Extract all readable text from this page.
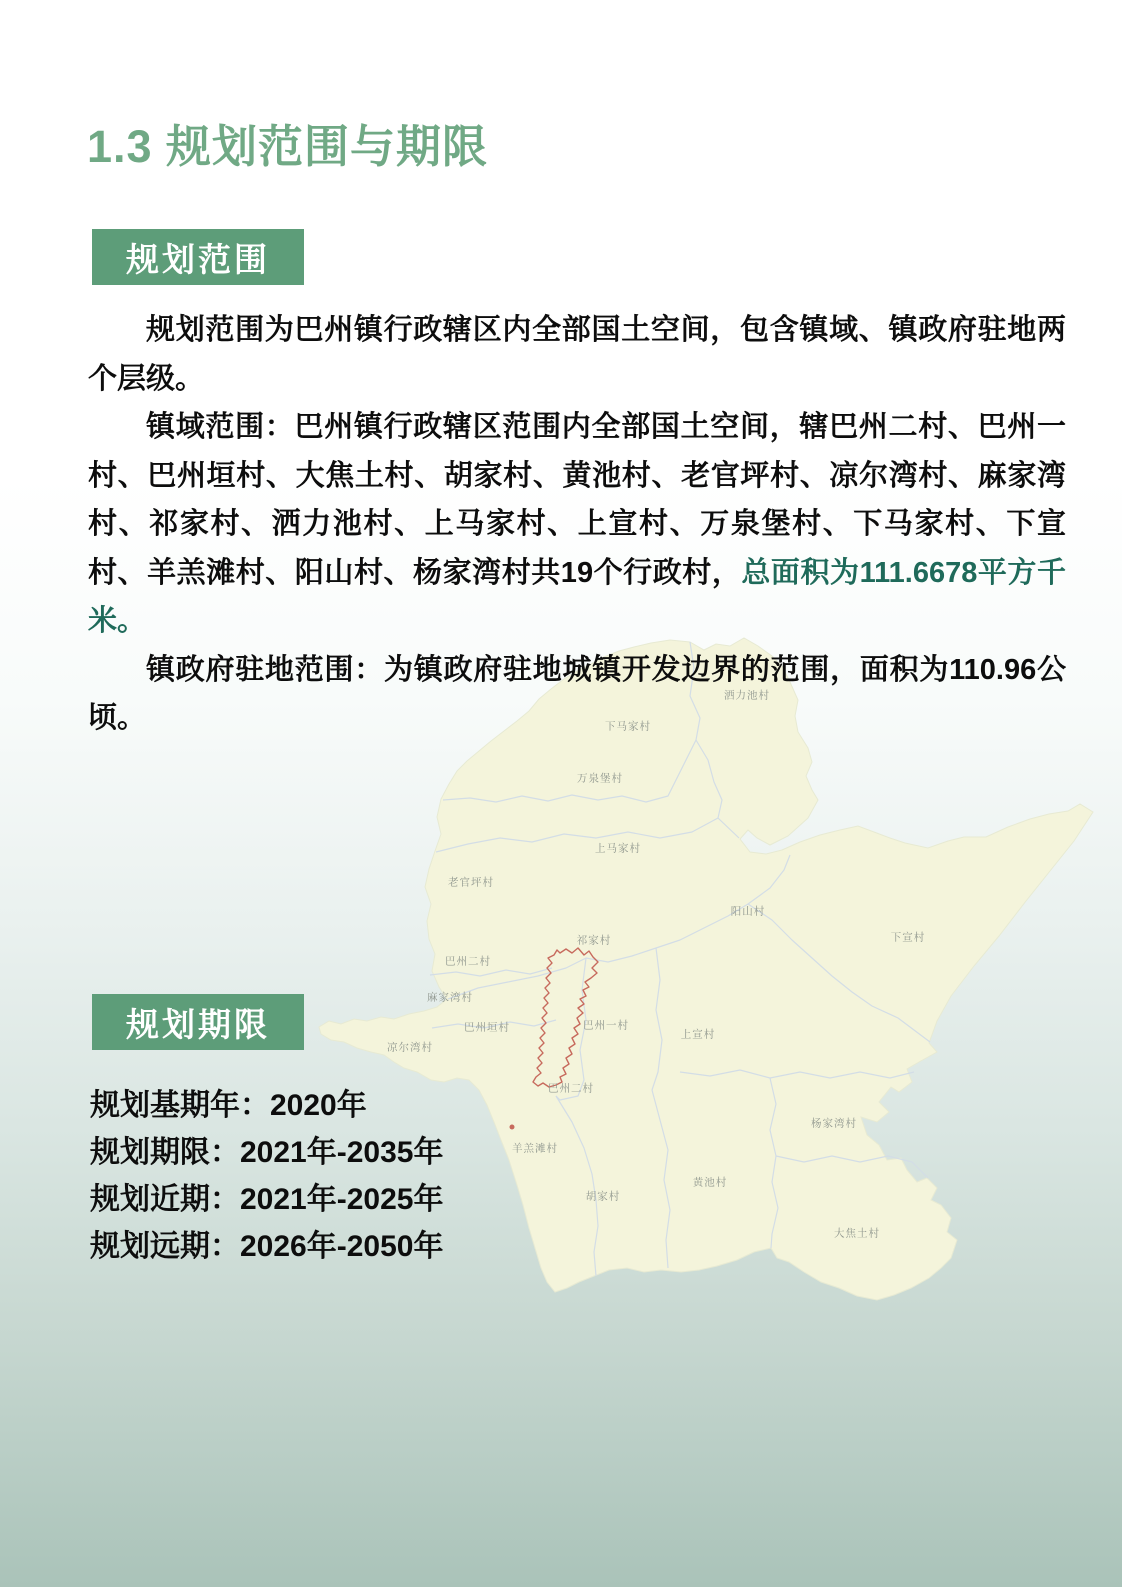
洒力池村
下马家村
万泉堡村
上马家村
老官坪村
阳山村
祁家村	下宣村
巴州二村
麻家湾村
巴州垣村	巴州一村
上宣村
凉尔湾村
巴州二村
杨家湾村
羊羔滩村
黄池村
胡家村
大焦土村
1.3 规划范围与期限
规划范围

规划范围为巴州镇行政辖区内全部国土空间，包含镇域、镇政府驻地两个层级。

镇域范围：巴州镇行政辖区范围内全部国土空间，辖巴州二村、巴州一村、巴州垣村、大焦土村、胡家村、黄池村、老官坪村、凉尔湾村、麻家湾村、祁家村、洒力池村、上马家村、上宣村、万泉堡村、下马家村、下宣村、羊羔滩村、阳山村、杨家湾村共19个行政村，总面积为111.6678平方千米。

镇政府驻地范围：为镇政府驻地城镇开发边界的范围，面积为110.96公顷。

规划期限
规划基期年：2020年
规划期限：2021年-2035年
规划近期：2021年-2025年
规划远期：2026年-2050年
